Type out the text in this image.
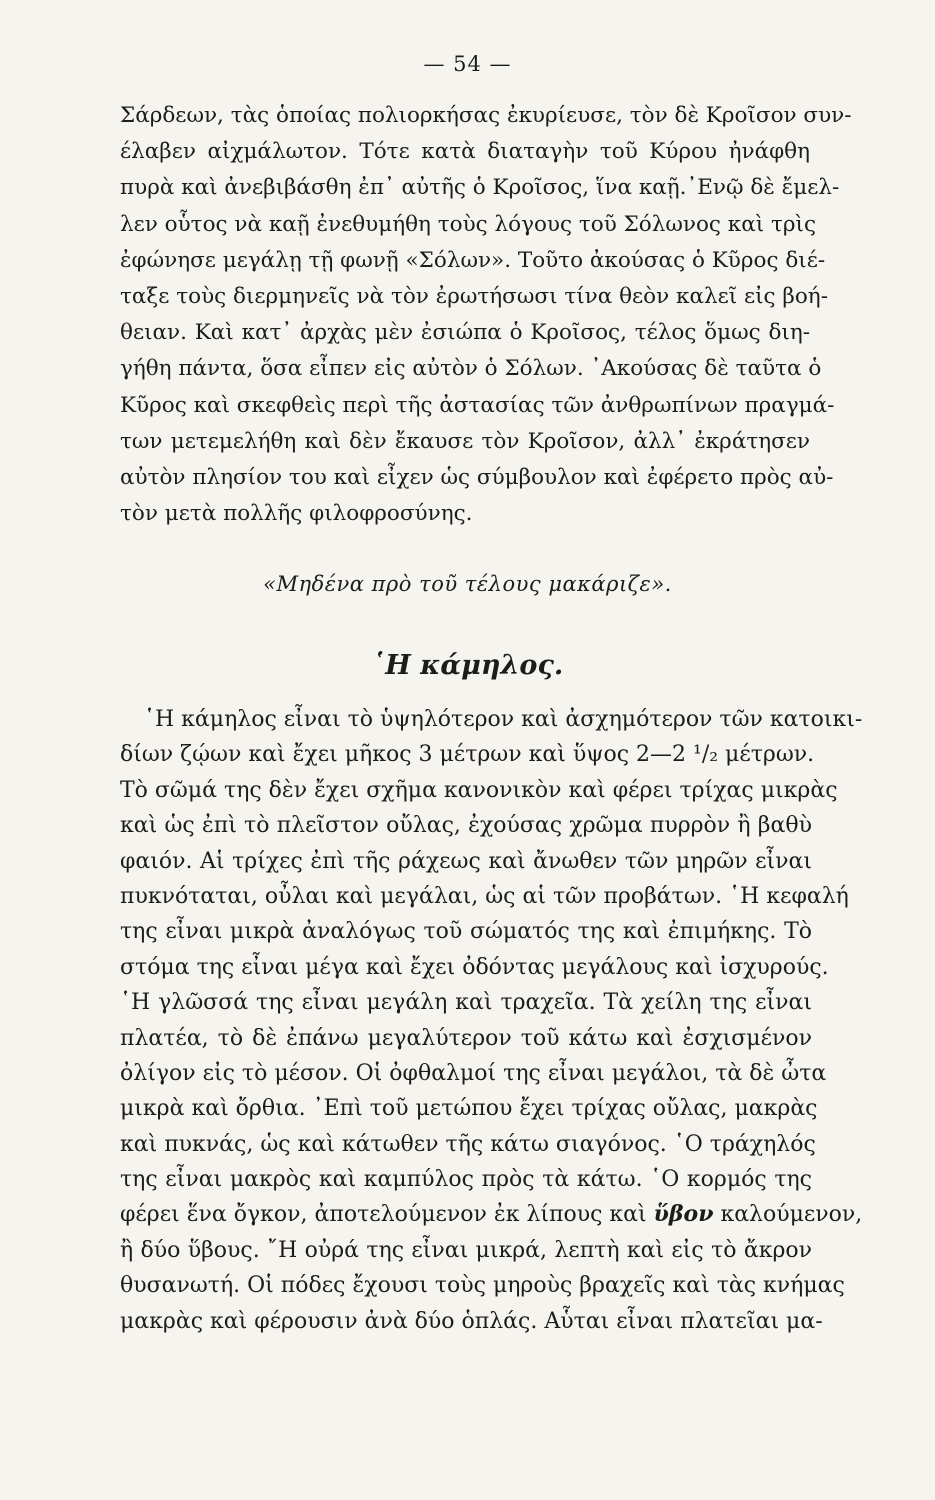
— 54 —
Σάρδεων, τὰς ὁποίας πολιορκήσας ἐκυρίευσε, τὸν δὲ Κροῖσον συν-
έλαβεν αἰχμάλωτον. Τότε κατὰ διαταγὴν τοῦ Κύρου ἠνάφθη
πυρὰ καὶ ἀνεβιβάσθη ἐπ᾽ αὐτῆς ὁ Κροῖσος, ἵνα καῇ.᾽Ενῷ δὲ ἔμελ-
λεν οὗτος νὰ καῇ ἐνεθυμήθη τοὺς λόγους τοῦ Σόλωνος καὶ τρὶς
ἐφώνησε μεγάλῃ τῇ φωνῇ «Σόλων». Τοῦτο ἀκούσας ὁ Κῦρος διέ-
ταξε τοὺς διερμηνεῖς νὰ τὸν ἐρωτήσωσι τίνα θεὸν καλεῖ εἰς βοή-
θειαν. Καὶ κατ᾽ ἀρχὰς μὲν ἐσιώπα ὁ Κροῖσος, τέλος ὅμως διη-
γήθη πάντα, ὅσα εἶπεν εἰς αὐτὸν ὁ Σόλων. ᾽Ακούσας δὲ ταῦτα ὁ
Κῦρος καὶ σκεφθεὶς περὶ τῆς ἀστασίας τῶν ἀνθρωπίνων πραγμά-
των μετεμελήθη καὶ δὲν ἔκαυσε τὸν Κροῖσον, ἀλλ᾽ ἐκράτησεν
αὐτὸν πλησίον του καὶ εἶχεν ὡς σύμβουλον καὶ ἐφέρετο πρὸς αὐ-
τὸν μετὰ πολλῆς φιλοφροσύνης.
«Μηδένα πρὸ τοῦ τέλους μακάριζε».
῾Η κάμηλος.
῾Η κάμηλος εἶναι τὸ ὑψηλότερον καὶ ἀσχημότερον τῶν κατοικι-
δίων ζῴων καὶ ἔχει μῆκος 3 μέτρων καὶ ὕψος 2—2 ¹/₂ μέτρων.
Τὸ σῶμά της δὲν ἔχει σχῆμα κανονικὸν καὶ φέρει τρίχας μικρὰς
καὶ ὡς ἐπὶ τὸ πλεῖστον οὔλας, ἐχούσας χρῶμα πυρρὸν ἢ βαθὺ
φαιόν. Αἱ τρίχες ἐπὶ τῆς ράχεως καὶ ἄνωθεν τῶν μηρῶν εἶναι
πυκνόταται, οὖλαι καὶ μεγάλαι, ὡς αἱ τῶν προβάτων. ῾Η κεφαλή
της εἶναι μικρὰ ἀναλόγως τοῦ σώματός της καὶ ἐπιμήκης. Τὸ
στόμα της εἶναι μέγα καὶ ἔχει ὀδόντας μεγάλους καὶ ἰσχυρούς.
῾Η γλῶσσά της εἶναι μεγάλη καὶ τραχεῖα. Τὰ χείλη της εἶναι
πλατέα, τὸ δὲ ἐπάνω μεγαλύτερον τοῦ κάτω καὶ ἐσχισμένον
ὀλίγον εἰς τὸ μέσον. Οἱ ὀφθαλμοί της εἶναι μεγάλοι, τὰ δὲ ὦτα
μικρὰ καὶ ὄρθια. ᾽Επὶ τοῦ μετώπου ἔχει τρίχας οὔλας, μακρὰς
καὶ πυκνάς, ὡς καὶ κάτωθεν τῆς κάτω σιαγόνος. ῾Ο τράχηλός
της εἶναι μακρὸς καὶ καμπύλος πρὸς τὰ κάτω. ῾Ο κορμός της
φέρει ἕνα ὄγκον, ἀποτελούμενον ἐκ λίπους καὶ ὕβον καλούμενον,
ἢ δύο ὕβους. ῎Η οὐρά της εἶναι μικρά, λεπτὴ καὶ εἰς τὸ ἄκρον
θυσανωτή. Οἱ πόδες ἔχουσι τοὺς μηροὺς βραχεῖς καὶ τὰς κνήμας
μακρὰς καὶ φέρουσιν ἀνὰ δύο ὁπλάς. Αὗται εἶναι πλατεῖαι μα-
